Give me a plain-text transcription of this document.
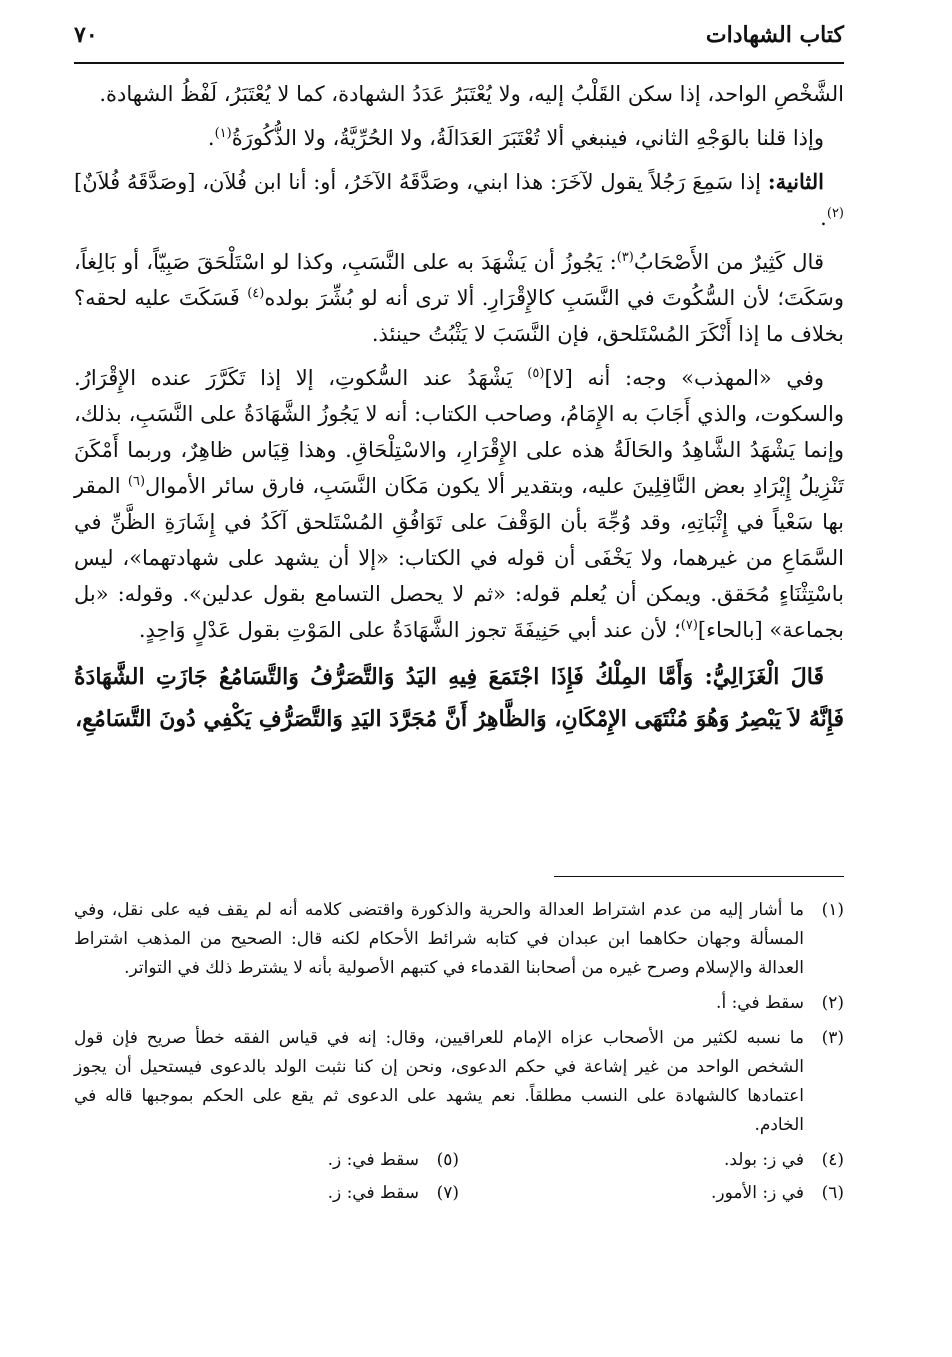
كتاب الشهادات
٧٠

الشَّخْصِ الواحد، إذا سكن القَلْبُ إليه، ولا يُعْتَبَرُ عَدَدُ الشهادة، كما لا يُعْتَبَرُ، لَفْظُ الشهادة.

وإذا قلنا بالوَجْهِ الثاني، فينبغي ألا تُعْتَبَرَ العَدَالَةُ، ولا الحُرِّيَّةُ، ولا الذُّكُورَةُ$^{(١)}$.

الثانية: إذا سَمِعَ رَجُلاً يقول لآخَرَ: هذا ابني، وصَدَّقَهُ الآخَرُ، أو: أنا ابن فُلاَن، [وصَدَّقَهُ فُلاَنٌ]$^{(٢)}$.

قال كَثِيرٌ من الأَصْحَابُ$^{(٣)}$: يَجُوزُ أن يَشْهَدَ به على النَّسَبِ، وكذا لو اسْتَلْحَقَ صَبِيّاً، أو بَالِغاً، وسَكَتَ؛ لأن السُّكُوتَ في النَّسَبِ كالإِقْرَارِ. ألا ترى أنه لو بُشِّرَ بولده$^{(٤)}$ فَسَكَتَ عليه لحقه؟ بخلاف ما إذا أَنْكَرَ المُسْتَلحق، فإن النَّسَبَ لا يَثْبُتُ حينئذ.

وفي «المهذب» وجه: أنه [لا]$^{(٥)}$ يَشْهَدُ عند السُّكوتِ، إلا إذا تَكَرَّرَ عنده الإِقْرَارُ. والسكوت، والذي أَجَابَ به الإِمَامُ، وصاحب الكتاب: أنه لا يَجُوزُ الشَّهَادَةُ على النَّسَبِ، بذلك، وإنما يَشْهَدُ الشَّاهِدُ والحَالَةُ هذه على الإِقْرَارِ، والاسْتِلْحَاقِ. وهذا قِيَاس ظاهِرٌ، وربما أَمْكَنَ تَنْزِيلُ إِيْرَادِ بعض النَّاقِلِينَ عليه، وبتقدير ألا يكون مَكَان النَّسَبِ، فارق سائر الأموال$^{(٦)}$ المقر بها سَعْياً في إِثْبَاتِهِ، وقد وُجِّهَ بأن الوَقْفَ على تَوَافُقِ المُسْتَلحق آكَدُ في إِشَارَةِ الظَّنِّ في السَّمَاعِ من غيرهما، ولا يَخْفَى أن قوله في الكتاب: «إلا أن يشهد على شهادتهما»، ليس باسْتِثْنَاءٍ مُحَقق. ويمكن أن يُعلم قوله: «ثم لا يحصل التسامع بقول عدلين». وقوله: «بل بجماعة» [بالحاء]$^{(٧)}$؛ لأن عند أبي حَنِيفَةَ تجوز الشَّهَادَةُ على المَوْتِ بقول عَدْلٍ وَاحِدٍ.

قَالَ الْغَزَالِيُّ: وَأَمَّا المِلْكُ فَإِذَا اجْتَمَعَ فِيهِ اليَدُ وَالتَّصَرُّفُ وَالتَّسَامُعُ جَازَتِ الشَّهَادَةُ فَإِنَّهُ لاَ يَبْصِرُ وَهُوَ مُنْتَهَى الإِمْكَانِ، وَالظَّاهِرُ أَنَّ مُجَرَّدَ اليَدِ وَالتَّصَرُّفِ يَكْفِي دُونَ التَّسَامُعِ،

(١)
ما أشار إليه من عدم اشتراط العدالة والحرية والذكورة واقتضى كلامه أنه لم يقف فيه على نقل، وفي المسألة وجهان حكاهما ابن عبدان في كتابه شرائط الأحكام لكنه قال: الصحيح من المذهب اشتراط العدالة والإسلام وصرح غيره من أصحابنا القدماء في كتبهم الأصولية بأنه لا يشترط ذلك في التواتر.
(٢)
سقط في: أ.
(٣)
ما نسبه لكثير من الأصحاب عزاه الإمام للعراقيين، وقال: إنه في قياس الفقه خطأ صريح فإن قول الشخص الواحد من غير إشاعة في حكم الدعوى، ونحن إن كنا نثبت الولد بالدعوى فيستحيل أن يجوز اعتمادها كالشهادة على النسب مطلقاً. نعم يشهد على الدعوى ثم يقع على الحكم بموجبها قاله في الخادم.
(٤)
في ز: بولد.
(٥)
سقط في: ز.
(٦)
في ز: الأمور.
(٧)
سقط في: ز.
